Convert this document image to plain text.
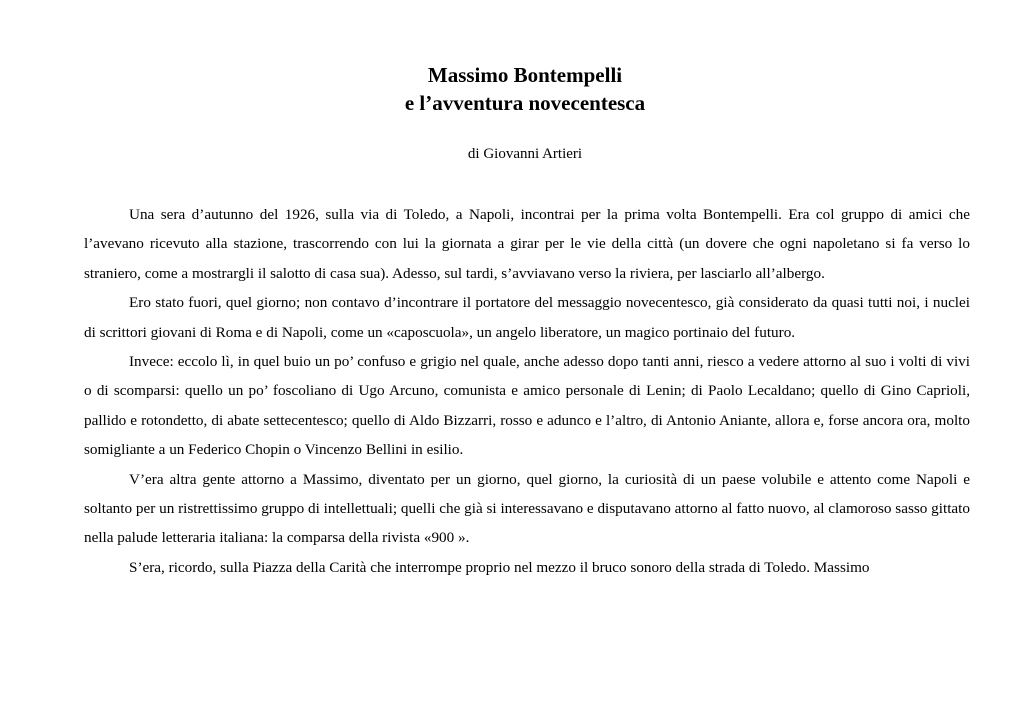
Massimo Bontempelli
e l’avventura novecentesca
di Giovanni Artieri

Una sera d’autunno del 1926, sulla via di Toledo, a Napoli, incontrai per la prima volta Bontempelli. Era col gruppo di amici che l’avevano ricevuto alla stazione, trascorrendo con lui la giornata a girar per le vie della città (un dovere che ogni napoletano si fa verso lo straniero, come a mostrargli il salotto di casa sua). Adesso, sul tardi, s’avviavano verso la riviera, per lasciarlo all’albergo.

Ero stato fuori, quel giorno; non contavo d’incontrare il portatore del messaggio novecentesco, già considerato da quasi tutti noi, i nuclei di scrittori giovani di Roma e di Napoli, come un «caposcuola», un angelo liberatore, un magico portinaio del futuro.

Invece: eccolo lì, in quel buio un po’ confuso e grigio nel quale, anche adesso dopo tanti anni, riesco a vedere attorno al suo i volti di vivi o di scomparsi: quello un po’ foscoliano di Ugo Arcuno, comunista e amico personale di Lenin; di Paolo Lecaldano; quello di Gino Caprioli, pallido e rotondetto, di abate settecentesco; quello di Aldo Bizzarri, rosso e adunco e l’altro, di Antonio Aniante, allora e, forse ancora ora, molto somigliante a un Federico Chopin o Vincenzo Bellini in esilio.

V’era altra gente attorno a Massimo, diventato per un giorno, quel giorno, la curiosità di un paese volubile e attento come Napoli e soltanto per un ristrettissimo gruppo di intellettuali; quelli che già si interessavano e disputavano attorno al fatto nuovo, al clamoroso sasso gittato nella palude letteraria italiana: la comparsa della rivista «900 ».

S’era, ricordo, sulla Piazza della Carità che interrompe proprio nel mezzo il bruco sonoro della strada di Toledo. Massimo
